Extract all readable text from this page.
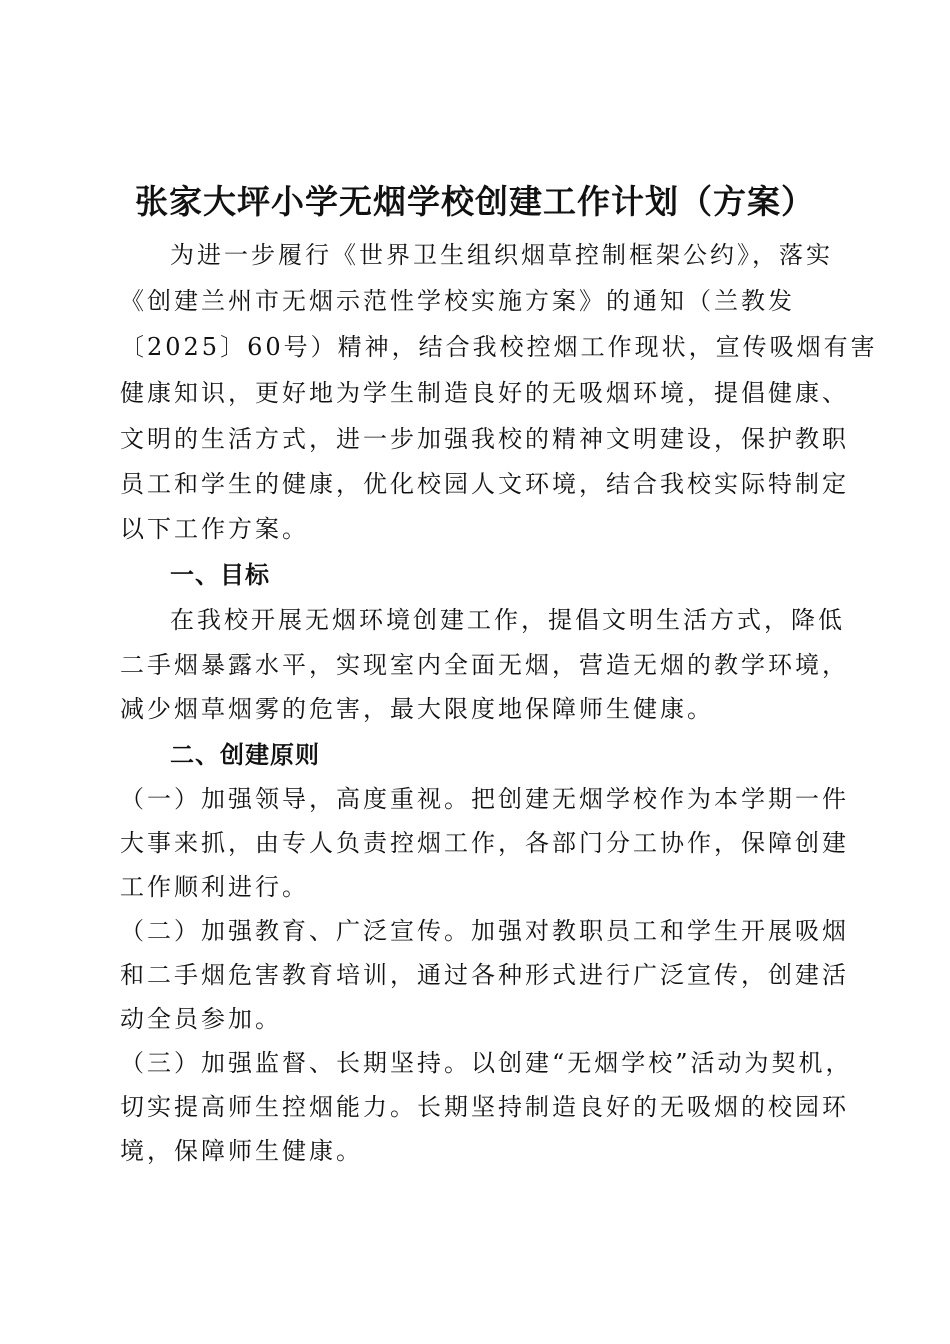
张家大坪小学无烟学校创建工作计划（方案）
为进一步履行《世界卫生组织烟草控制框架公约》，落实
《创建兰州市无烟示范性学校实施方案》的通知（兰教发
〔2025〕60号）精神，结合我校控烟工作现状，宣传吸烟有害
健康知识，更好地为学生制造良好的无吸烟环境，提倡健康、
文明的生活方式，进一步加强我校的精神文明建设，保护教职
员工和学生的健康，优化校园人文环境，结合我校实际特制定
以下工作方案。
一、目标
在我校开展无烟环境创建工作，提倡文明生活方式，降低
二手烟暴露水平，实现室内全面无烟，营造无烟的教学环境，
减少烟草烟雾的危害，最大限度地保障师生健康。
二、创建原则
（一）加强领导，高度重视。把创建无烟学校作为本学期一件
大事来抓，由专人负责控烟工作，各部门分工协作，保障创建
工作顺利进行。
（二）加强教育、广泛宣传。加强对教职员工和学生开展吸烟
和二手烟危害教育培训，通过各种形式进行广泛宣传，创建活
动全员参加。
（三）加强监督、长期坚持。以创建“无烟学校”活动为契机，
切实提高师生控烟能力。长期坚持制造良好的无吸烟的校园环
境，保障师生健康。
